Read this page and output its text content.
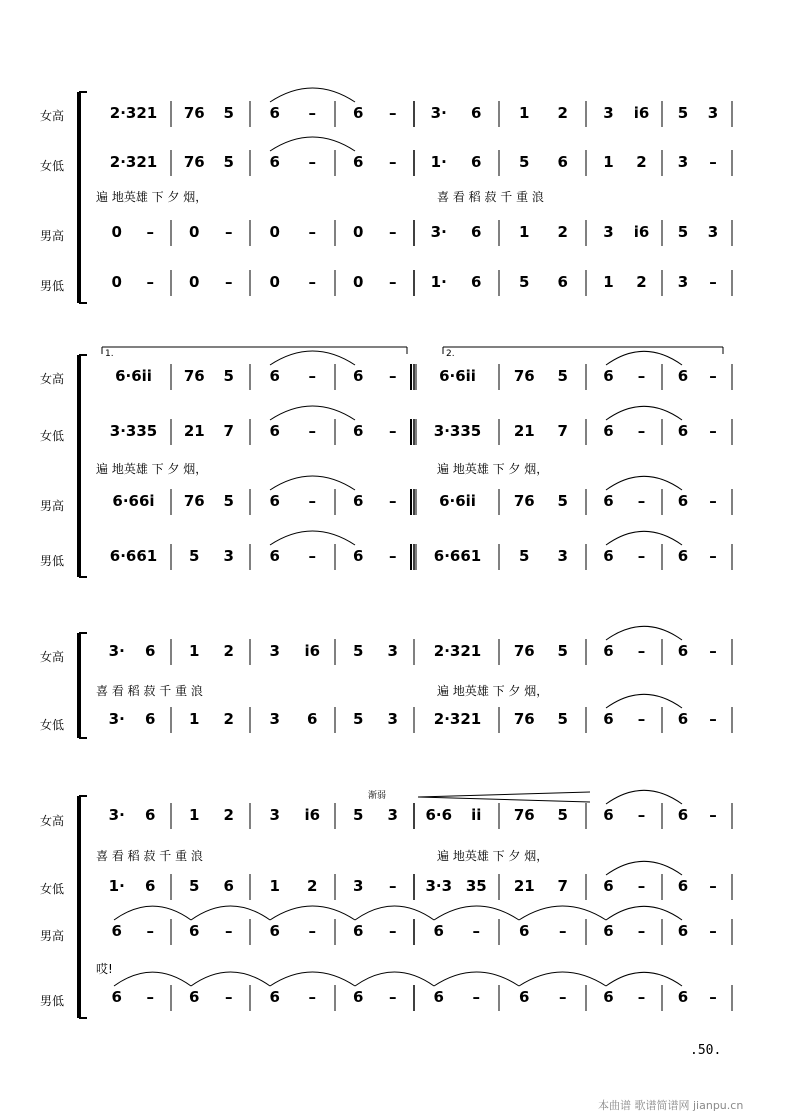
2·321	76	5	6	–	6	–	3·	6	1	2	3	i6	5	3
2·321	76	5	6	–	6	–	1·	6	5	6	1	2	3	–
0	–	0	–	0	–	0	–	3·	6	1	2	3	i6	5	3
0	–	0	–	0	–	0	–	1·	6	5	6	1	2	3	–
6·6ii	76	5	6	–	6	–	6·6ii	76	5	6	–	6	–
3·335	21	7	6	–	6	–	3·335	21	7	6	–	6	–
6·66i	76	5	6	–	6	–	6·6ii	76	5	6	–	6	–
6·661	5	3	6	–	6	–	6·661	5	3	6	–	6	–
3·	6	1	2	3	i6	5	3	2·321	76	5	6	–	6	–
3·	6	1	2	3	6	5	3	2·321	76	5	6	–	6	–
3·	6	1	2	3	i6	5	3	6·6	ii	76	5	6	–	6	–
1·	6	5	6	1	2	3	–	3·3 35	21	7	6	–	6	–
6	–	6	–	6	–	6	–	6	–	6	–	6	–	6	–
6	–	6	–	6	–	6	–	6	–	6	–	6	–	6	–
女高
女低
男高
男低
遍 地英雄 下 夕 烟，	喜 看 稻 菽 千 重 浪
女高
女低
男高
男低
1.	2.
遍 地英雄 下 夕 烟，	遍 地英雄 下 夕 烟，
女高
女低
喜 看 稻 菽 千 重 浪	遍 地英雄 下 夕 烟，
女高
女低
男高
男低
渐弱
喜 看 稻 菽 千 重 浪	遍 地英雄 下 夕 烟，
哎!
.50.
本曲谱 歌谱简谱网 jianpu.cn
